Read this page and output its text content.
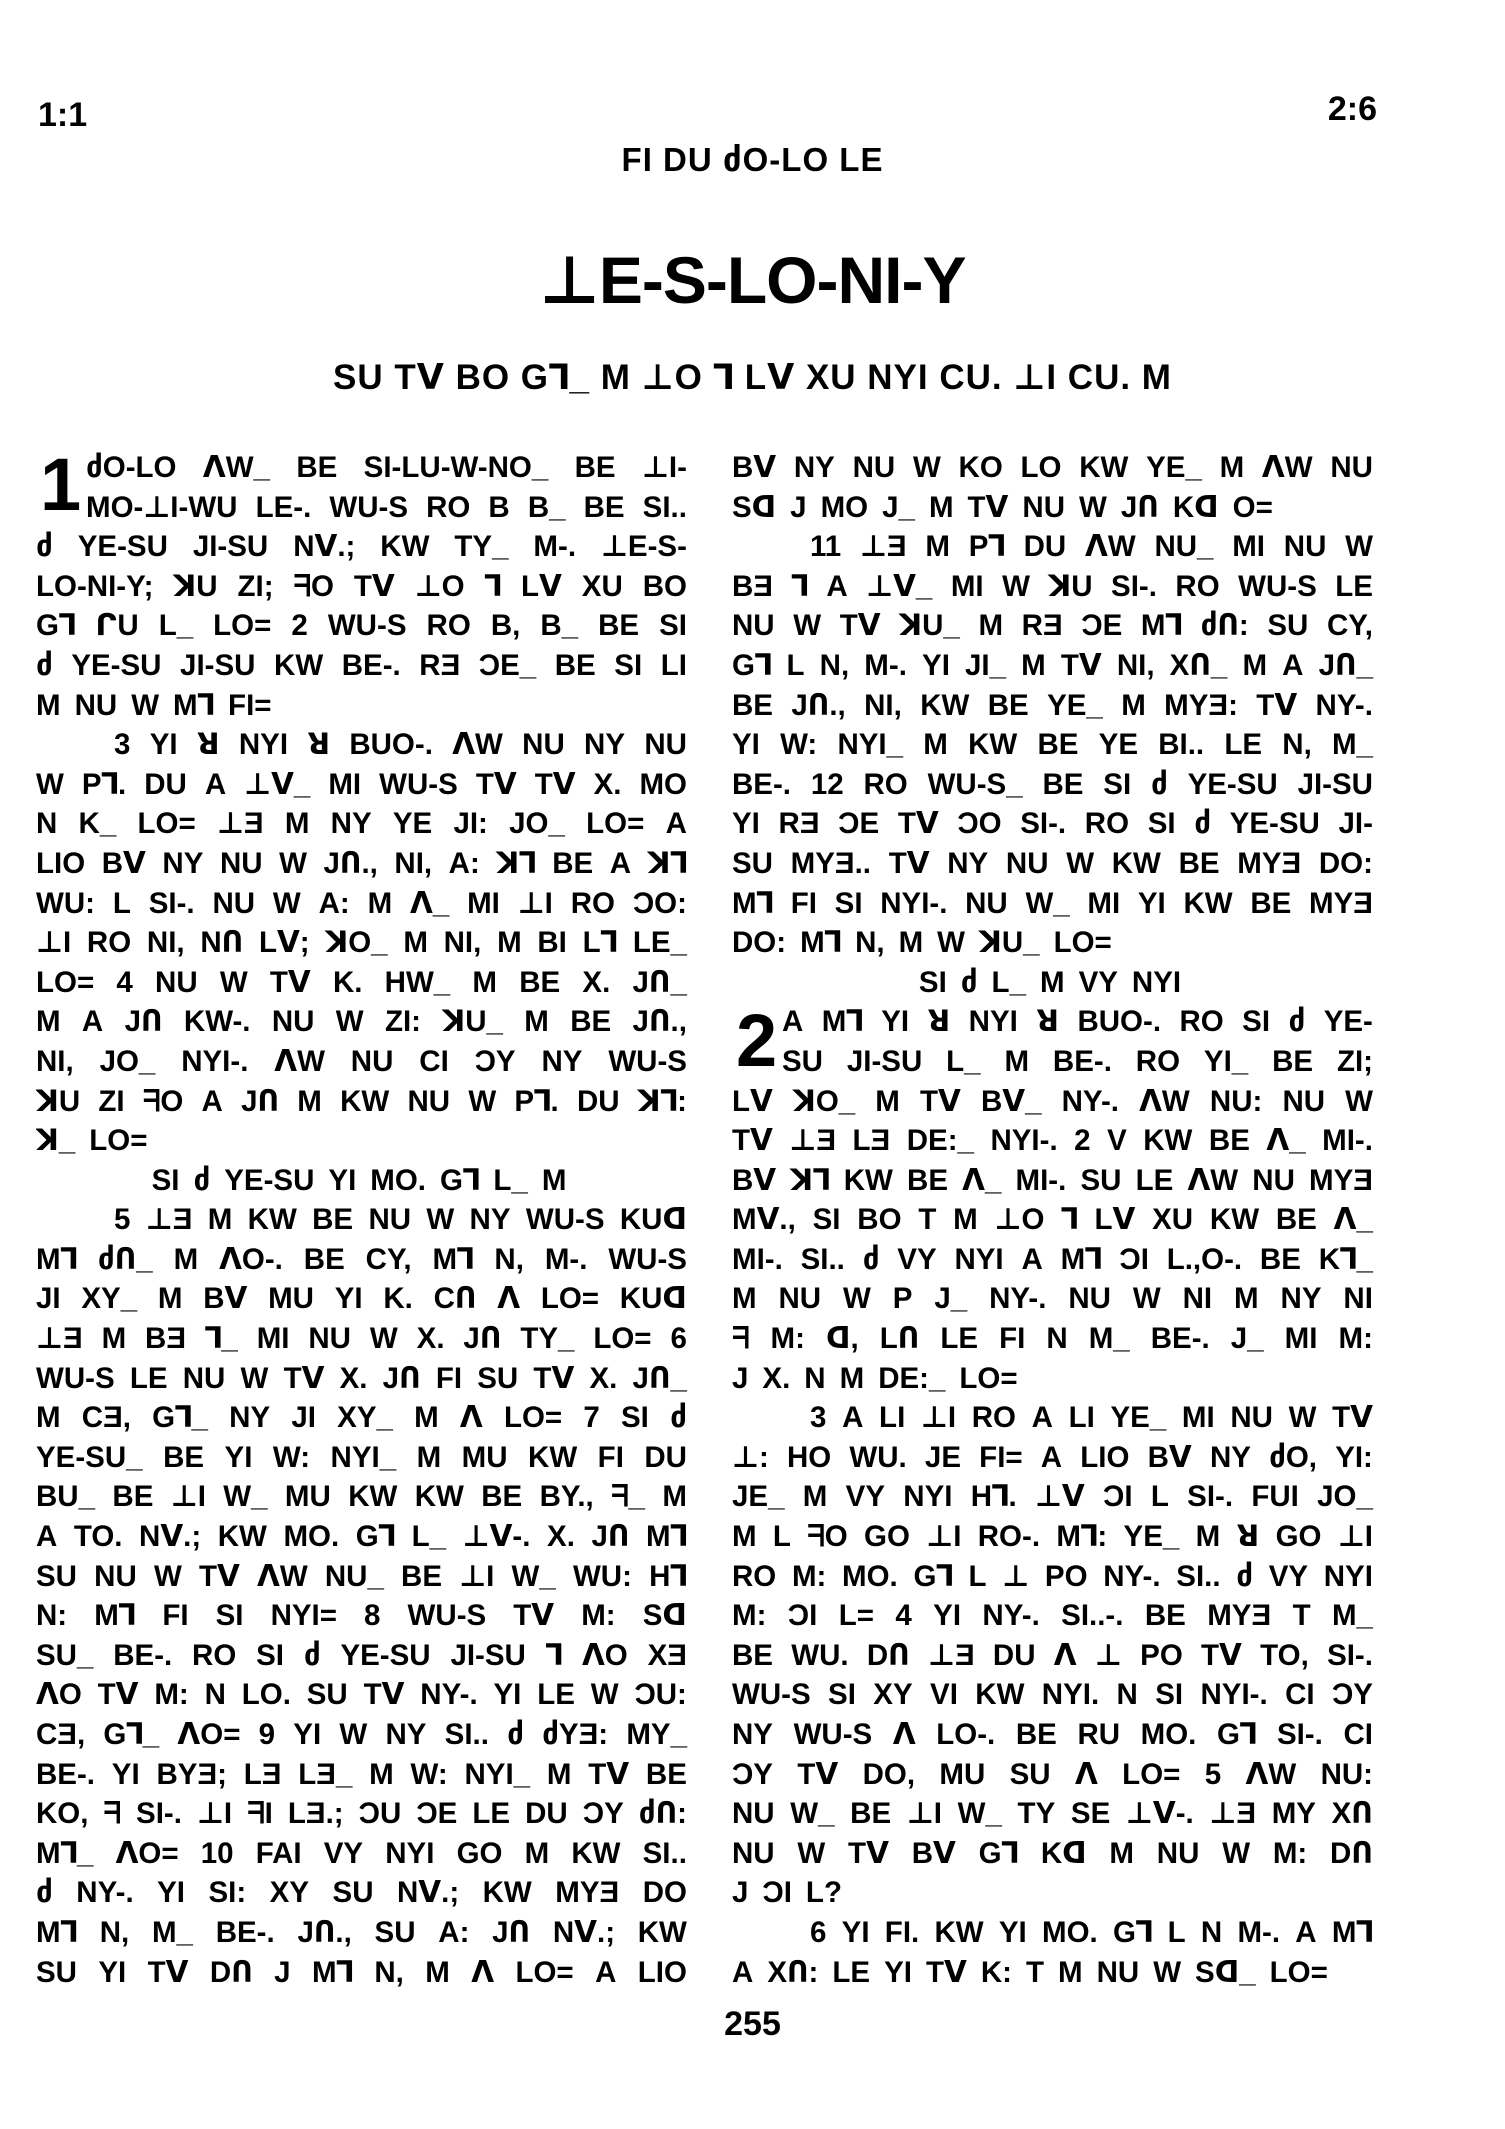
1:1	2:6
FI DU ძO-LO LE
⊥E-S-LO-NI-Y
SU Tᐯ BO Gꓶ_ M ⊥O ꓶ Lᐯ XU NYI CU. ⊥I CU. M
1 ძO-LO ᐱW_ BE SI-LU-W-NO_ BE ⊥I-
MO-⊥I-WU LE-. WU-S RO B B_ BE SI..
ძ YE-SU JI-SU Nᐯ.; KW TY_ M-. ⊥E-S-
LO-NI-Y; ꓘU ZI; ᖷO Tᐯ ⊥O ꓶ Lᐯ XU BO
Gꓶ ᒋU L_ LO= 2 WU-S RO B, B_ BE SI
ძ YE-SU JI-SU KW BE-. RƎ ƆE_ BE SI LI
M NU W Mꓶ FI=
3 YI ꓤ NYI ꓤ BUO-. ᐱW NU NY NU
W Pꓶ. DU A ⊥ᐯ_ MI WU-S Tᐯ Tᐯ X. MO
N K_ LO= ⊥Ǝ M NY YE JI: JO_ LO= A
LIO Bᐯ NY NU W JՈ., NI, A: ꓘꓶ BE A ꓘꓶ
WU: L SI-. NU W A: M ᐱ_ MI ⊥I RO ƆO:
⊥I RO NI, NՈ Lᐯ; ꓘO_ M NI, M BI Lꓶ LE_
LO= 4 NU W Tᐯ K. HW_ M BE X. JՈ_
M A JՈ KW-. NU W ZI: ꓘU_ M BE JՈ.,
NI, JO_ NYI-. ᐱW NU CI ƆY NY WU-S
ꓘU ZI ᖷO A JՈ M KW NU W Pꓶ. DU ꓘꓶ:
ꓘ_ LO=
SI ძ YE-SU YI MO. Gꓶ L_ M
5 ⊥Ǝ M KW BE NU W NY WU-S KUᗡ
Mꓶ ძՈ_ M ᐱO-. BE CY, Mꓶ N, M-. WU-S
JI XY_ M Bᐯ MU YI K. CՈ ᐱ LO= KUᗡ
⊥Ǝ M BƎ ꓶ_ MI NU W X. JՈ TY_ LO= 6
WU-S LE NU W Tᐯ X. JՈ FI SU Tᐯ X. JՈ_
M CƎ, Gꓶ_ NY JI XY_ M ᐱ LO= 7 SI ძ
YE-SU_ BE YI W: NYI_ M MU KW FI DU
BU_ BE ⊥I W_ MU KW KW BE BY., ᖷ_ M
A TO. Nᐯ.; KW MO. Gꓶ L_ ⊥ᐯ-. X. JՈ Mꓶ
SU NU W Tᐯ ᐱW NU_ BE ⊥I W_ WU: Hꓶ
N: Mꓶ FI SI NYI= 8 WU-S Tᐯ M: Sᗡ
SU_ BE-. RO SI ძ YE-SU JI-SU ꓶ ᐱO XƎ
ᐱO Tᐯ M: N LO. SU Tᐯ NY-. YI LE W ƆU:
CƎ, Gꓶ_ ᐱO= 9 YI W NY SI.. ძ ძYƎ: MY_
BE-. YI BYƎ; LƎ LƎ_ M W: NYI_ M Tᐯ BE
KO, ᖷ SI-. ⊥I ᖷI LƎ.; ƆU ƆE LE DU ƆY ძՈ:
Mꓶ_ ᐱO= 10 FAI VY NYI GO M KW SI..
ძ NY-. YI SI: XY SU Nᐯ.; KW MYƎ DO
Mꓶ N, M_ BE-. JՈ., SU A: JՈ Nᐯ.; KW
SU YI Tᐯ DՈ J Mꓶ N, M ᐱ LO= A LIO
2
Bᐯ NY NU W KO LO KW YE_ M ᐱW NU
Sᗡ J MO J_ M Tᐯ NU W JՈ Kᗡ O=
11 ⊥Ǝ M Pꓶ DU ᐱW NU_ MI NU W
BƎ ꓶ A ⊥ᐯ_ MI W ꓘU SI-. RO WU-S LE
NU W Tᐯ ꓘU_ M RƎ ƆE Mꓶ ძՈ: SU CY,
Gꓶ L N, M-. YI JI_ M Tᐯ NI, XՈ_ M A JՈ_
BE JՈ., NI, KW BE YE_ M MYƎ: Tᐯ NY-.
YI W: NYI_ M KW BE YE BI.. LE N, M_
BE-. 12 RO WU-S_ BE SI ძ YE-SU JI-SU
YI RƎ ƆE Tᐯ ƆO SI-. RO SI ძ YE-SU JI-
SU MYƎ.. Tᐯ NY NU W KW BE MYƎ DO:
Mꓶ FI SI NYI-. NU W_ MI YI KW BE MYƎ
DO: Mꓶ N, M W ꓘU_ LO=
SI ძ L_ M VY NYI
A Mꓶ YI ꓤ NYI ꓤ BUO-. RO SI ძ YE-
SU JI-SU L_ M BE-. RO YI_ BE ZI;
Lᐯ ꓘO_ M Tᐯ Bᐯ_ NY-. ᐱW NU: NU W
Tᐯ ⊥Ǝ LƎ DE:_ NYI-. 2 V KW BE ᐱ_ MI-.
Bᐯ ꓘꓶ KW BE ᐱ_ MI-. SU LE ᐱW NU MYƎ
Mᐯ., SI BO T M ⊥O ꓶ Lᐯ XU KW BE ᐱ_
MI-. SI.. ძ VY NYI A Mꓶ ƆI L.,O-. BE Kꓶ_
M NU W P J_ NY-. NU W NI M NY NI
ᖷ M: ᗡ, LՈ LE FI N M_ BE-. J_ MI M:
J X. N M DE:_ LO=
3 A LI ⊥I RO A LI YE_ MI NU W Tᐯ
⊥: HO WU. JE FI= A LIO Bᐯ NY ძO, YI:
JE_ M VY NYI Hꓶ. ⊥ᐯ ƆI L SI-. FUI JO_
M L ᖷO GO ⊥I RO-. Mꓶ: YE_ M ꓤ GO ⊥I
RO M: MO. Gꓶ L ⊥ PO NY-. SI.. ძ VY NYI
M: ƆI L= 4 YI NY-. SI..-. BE MYƎ T M_
BE WU. DՈ ⊥Ǝ DU ᐱ ⊥ PO Tᐯ TO, SI-.
WU-S SI XY VI KW NYI. N SI NYI-. CI ƆY
NY WU-S ᐱ LO-. BE RU MO. Gꓶ SI-. CI
ƆY Tᐯ DO, MU SU ᐱ LO= 5 ᐱW NU:
NU W_ BE ⊥I W_ TY SE ⊥ᐯ-. ⊥Ǝ MY XՈ
NU W Tᐯ Bᐯ Gꓶ Kᗡ M NU W M: DՈ
J ƆI L?
6 YI FI. KW YI MO. Gꓶ L N M-. A Mꓶ
A XՈ: LE YI Tᐯ K: T M NU W Sᗡ_ LO=
255
